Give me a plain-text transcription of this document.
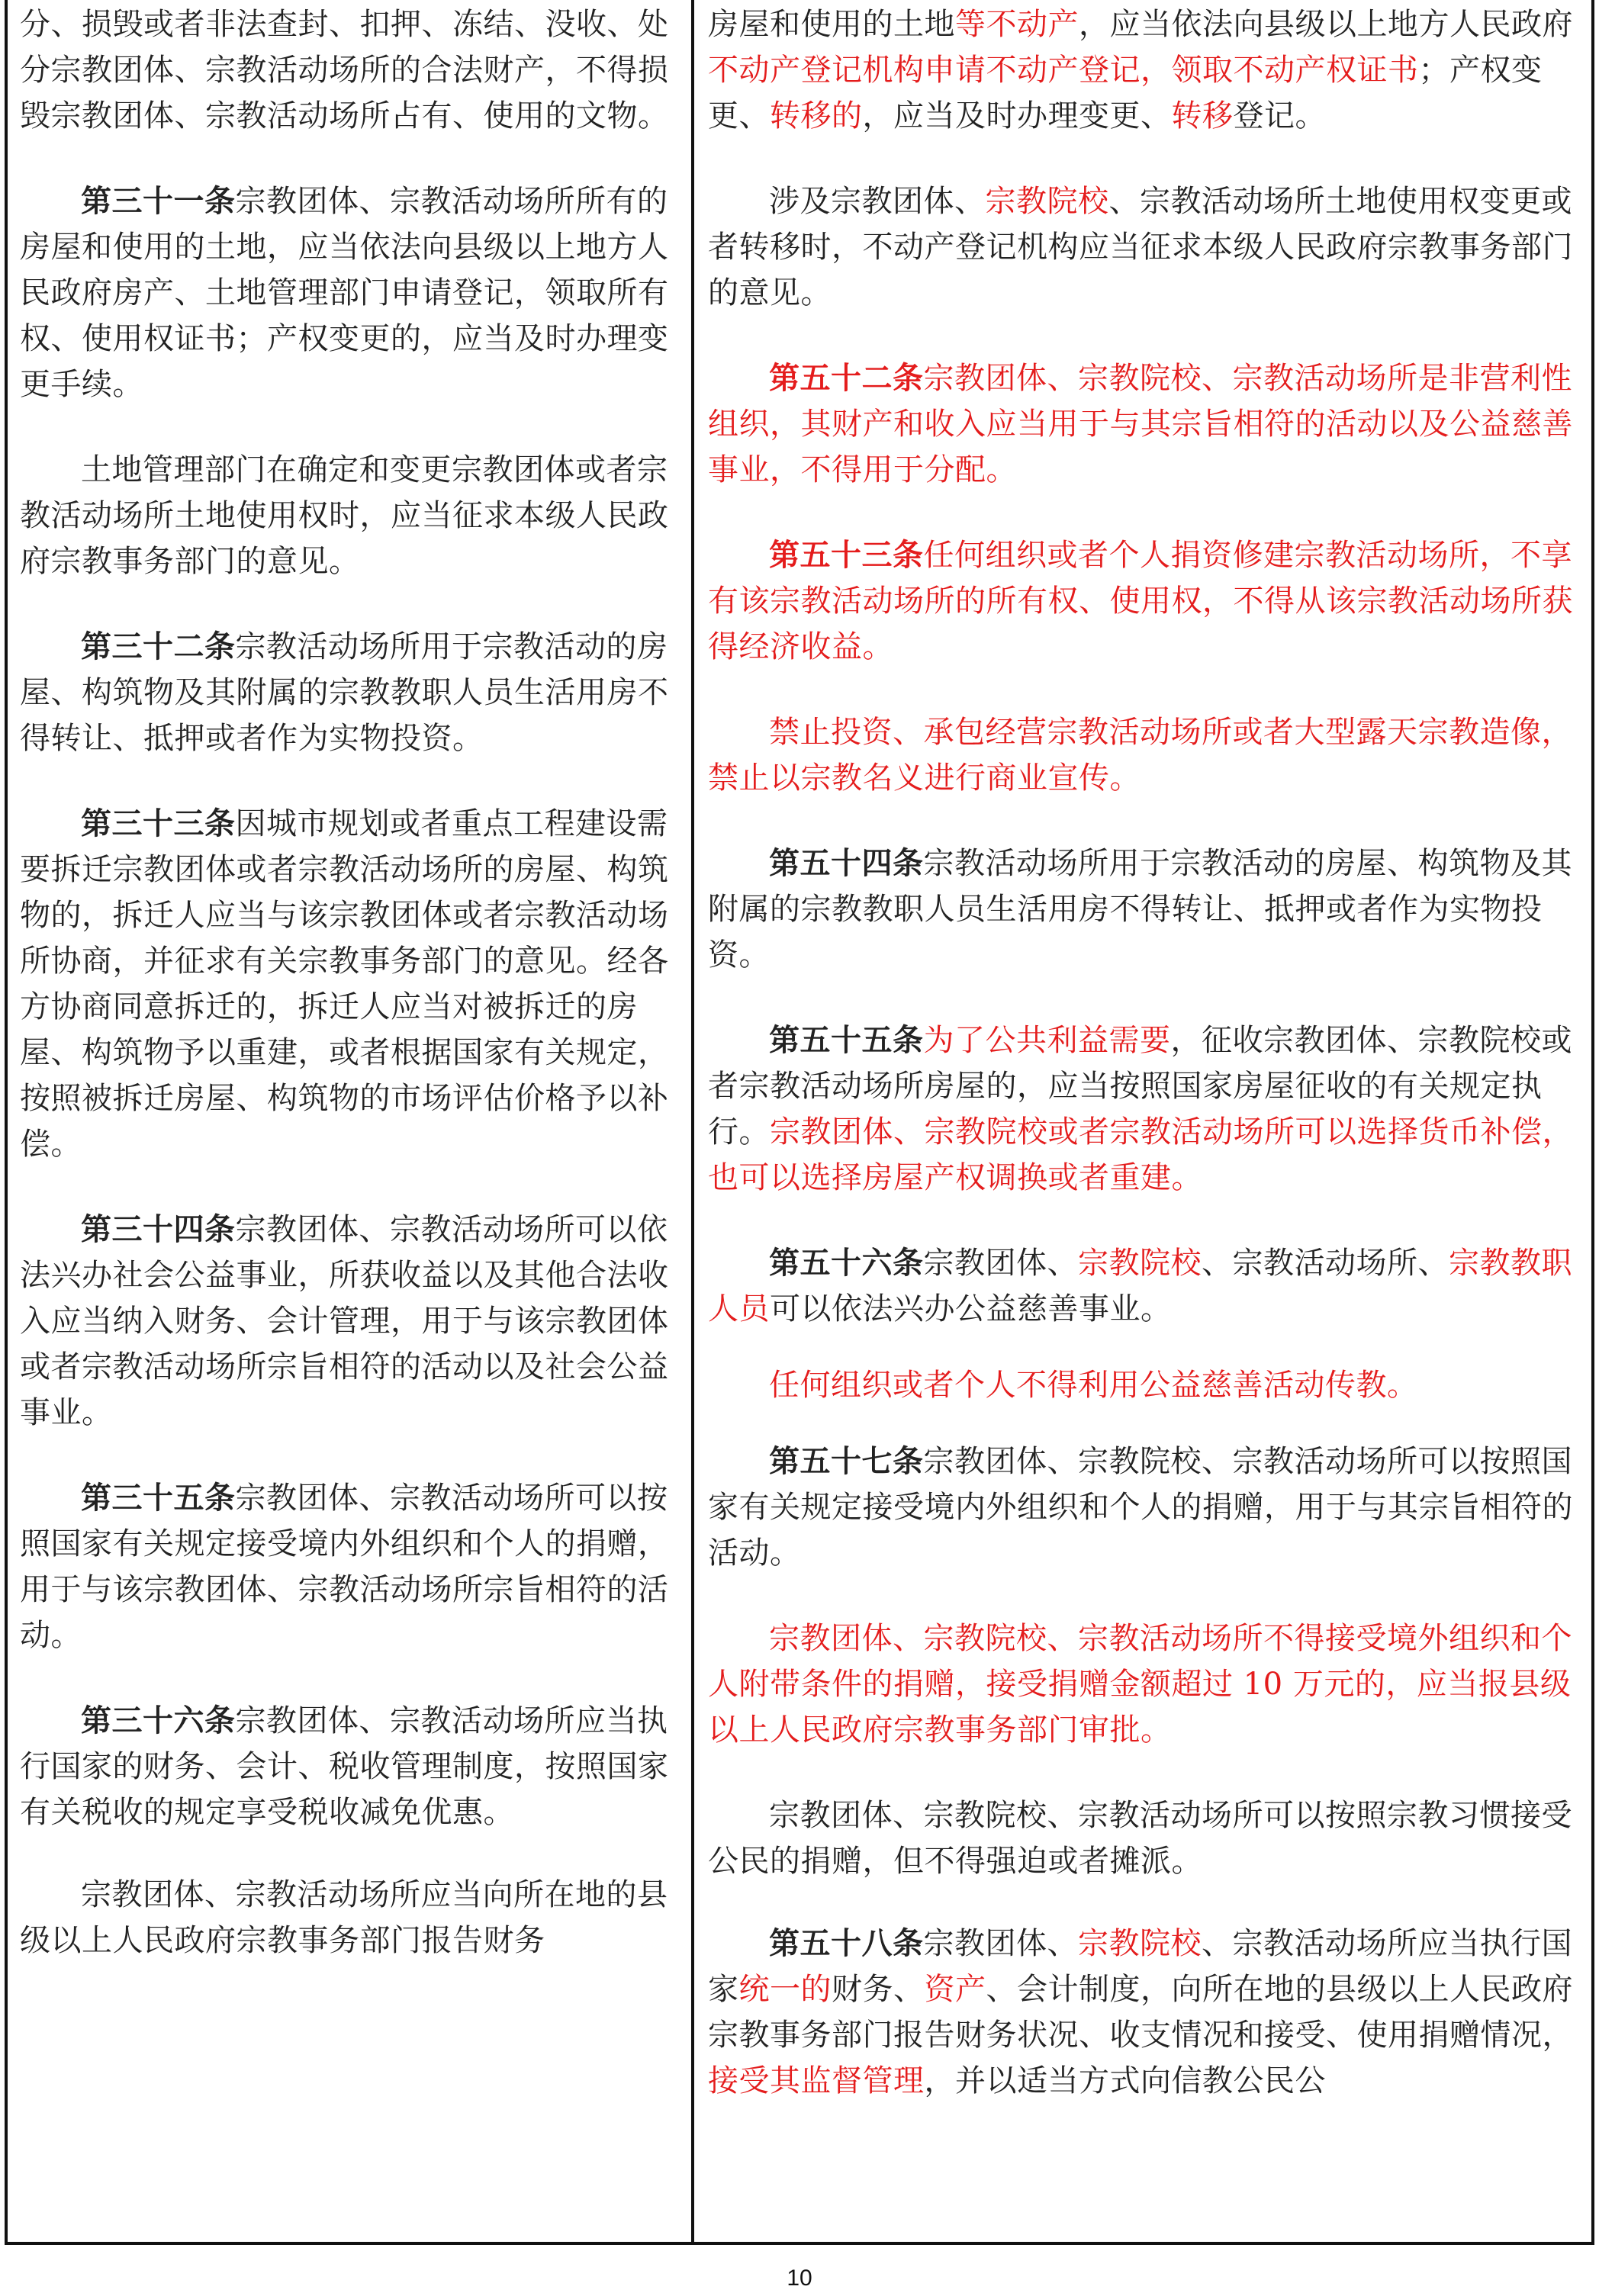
分、损毁或者非法查封、扣押、冻结、没收、处分宗教团体、宗教活动场所的合法财产，不得损毁宗教团体、宗教活动场所占有、使用的文物。

第三十一条宗教团体、宗教活动场所所有的房屋和使用的土地，应当依法向县级以上地方人民政府房产、土地管理部门申请登记，领取所有权、使用权证书；产权变更的，应当及时办理变更手续。

土地管理部门在确定和变更宗教团体或者宗教活动场所土地使用权时，应当征求本级人民政府宗教事务部门的意见。

第三十二条宗教活动场所用于宗教活动的房屋、构筑物及其附属的宗教教职人员生活用房不得转让、抵押或者作为实物投资。

第三十三条因城市规划或者重点工程建设需要拆迁宗教团体或者宗教活动场所的房屋、构筑物的，拆迁人应当与该宗教团体或者宗教活动场所协商，并征求有关宗教事务部门的意见。经各方协商同意拆迁的，拆迁人应当对被拆迁的房屋、构筑物予以重建，或者根据国家有关规定，按照被拆迁房屋、构筑物的市场评估价格予以补偿。

第三十四条宗教团体、宗教活动场所可以依法兴办社会公益事业，所获收益以及其他合法收入应当纳入财务、会计管理，用于与该宗教团体或者宗教活动场所宗旨相符的活动以及社会公益事业。

第三十五条宗教团体、宗教活动场所可以按照国家有关规定接受境内外组织和个人的捐赠，用于与该宗教团体、宗教活动场所宗旨相符的活动。

第三十六条宗教团体、宗教活动场所应当执行国家的财务、会计、税收管理制度，按照国家有关税收的规定享受税收减免优惠。

宗教团体、宗教活动场所应当向所在地的县级以上人民政府宗教事务部门报告财务

房屋和使用的土地等不动产，应当依法向县级以上地方人民政府不动产登记机构申请不动产登记，领取不动产权证书；产权变更、转移的，应当及时办理变更、转移登记。

涉及宗教团体、宗教院校、宗教活动场所土地使用权变更或者转移时，不动产登记机构应当征求本级人民政府宗教事务部门的意见。

第五十二条宗教团体、宗教院校、宗教活动场所是非营利性组织，其财产和收入应当用于与其宗旨相符的活动以及公益慈善事业，不得用于分配。

第五十三条任何组织或者个人捐资修建宗教活动场所，不享有该宗教活动场所的所有权、使用权，不得从该宗教活动场所获得经济收益。

禁止投资、承包经营宗教活动场所或者大型露天宗教造像，禁止以宗教名义进行商业宣传。

第五十四条宗教活动场所用于宗教活动的房屋、构筑物及其附属的宗教教职人员生活用房不得转让、抵押或者作为实物投资。

第五十五条为了公共利益需要，征收宗教团体、宗教院校或者宗教活动场所房屋的，应当按照国家房屋征收的有关规定执行。宗教团体、宗教院校或者宗教活动场所可以选择货币补偿，也可以选择房屋产权调换或者重建。

第五十六条宗教团体、宗教院校、宗教活动场所、宗教教职人员可以依法兴办公益慈善事业。

任何组织或者个人不得利用公益慈善活动传教。

第五十七条宗教团体、宗教院校、宗教活动场所可以按照国家有关规定接受境内外组织和个人的捐赠，用于与其宗旨相符的活动。

宗教团体、宗教院校、宗教活动场所不得接受境外组织和个人附带条件的捐赠，接受捐赠金额超过 10 万元的，应当报县级以上人民政府宗教事务部门审批。

宗教团体、宗教院校、宗教活动场所可以按照宗教习惯接受公民的捐赠，但不得强迫或者摊派。

第五十八条宗教团体、宗教院校、宗教活动场所应当执行国家统一的财务、资产、会计制度，向所在地的县级以上人民政府宗教事务部门报告财务状况、收支情况和接受、使用捐赠情况，接受其监督管理，并以适当方式向信教公民公

10
